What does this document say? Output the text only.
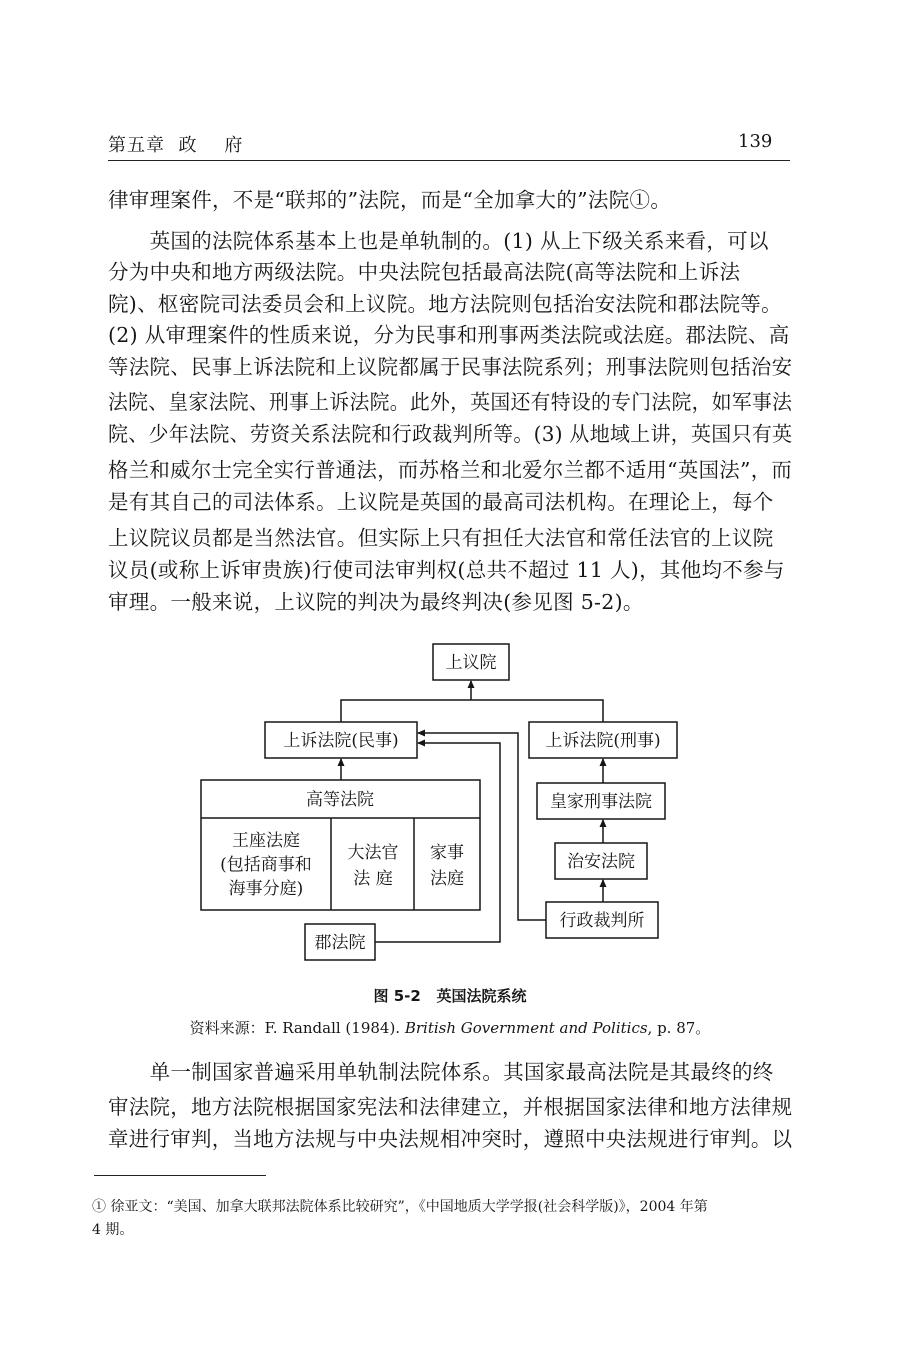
第五章  政    府	139
律审理案件，不是“联邦的”法院，而是“全加拿大的”法院①。
　　英国的法院体系基本上也是单轨制的。(1) 从上下级关系来看，可以
分为中央和地方两级法院。中央法院包括最高法院(高等法院和上诉法
院)、枢密院司法委员会和上议院。地方法院则包括治安法院和郡法院等。
(2) 从审理案件的性质来说，分为民事和刑事两类法院或法庭。郡法院、高
等法院、民事上诉法院和上议院都属于民事法院系列；刑事法院则包括治安
法院、皇家法院、刑事上诉法院。此外，英国还有特设的专门法院，如军事法
院、少年法院、劳资关系法院和行政裁判所等。(3) 从地域上讲，英国只有英
格兰和威尔士完全实行普通法，而苏格兰和北爱尔兰都不适用“英国法”，而
是有其自己的司法体系。上议院是英国的最高司法机构。在理论上，每个
上议院议员都是当然法官。但实际上只有担任大法官和常任法官的上议院
议员(或称上诉审贵族)行使司法审判权(总共不超过 11 人)，其他均不参与
审理。一般来说，上议院的判决为最终判决(参见图 5-2)。
上议院
上诉法院(民事)	上诉法院(刑事)
高等法院
王座法庭
(包括商事和
海事分庭)
大法官
法 庭
家事
法庭
皇家刑事法院
治安法院
行政裁判所
郡法院
图 5-2   英国法院系统
资料来源：F. Randall (1984). British Government and Politics, p. 87。
　　单一制国家普遍采用单轨制法院体系。其国家最高法院是其最终的终
审法院，地方法院根据国家宪法和法律建立，并根据国家法律和地方法律规
章进行审判，当地方法规与中央法规相冲突时，遵照中央法规进行审判。以
① 徐亚文：“美国、加拿大联邦法院体系比较研究”，《中国地质大学学报(社会科学版)》，2004 年第
4 期。
